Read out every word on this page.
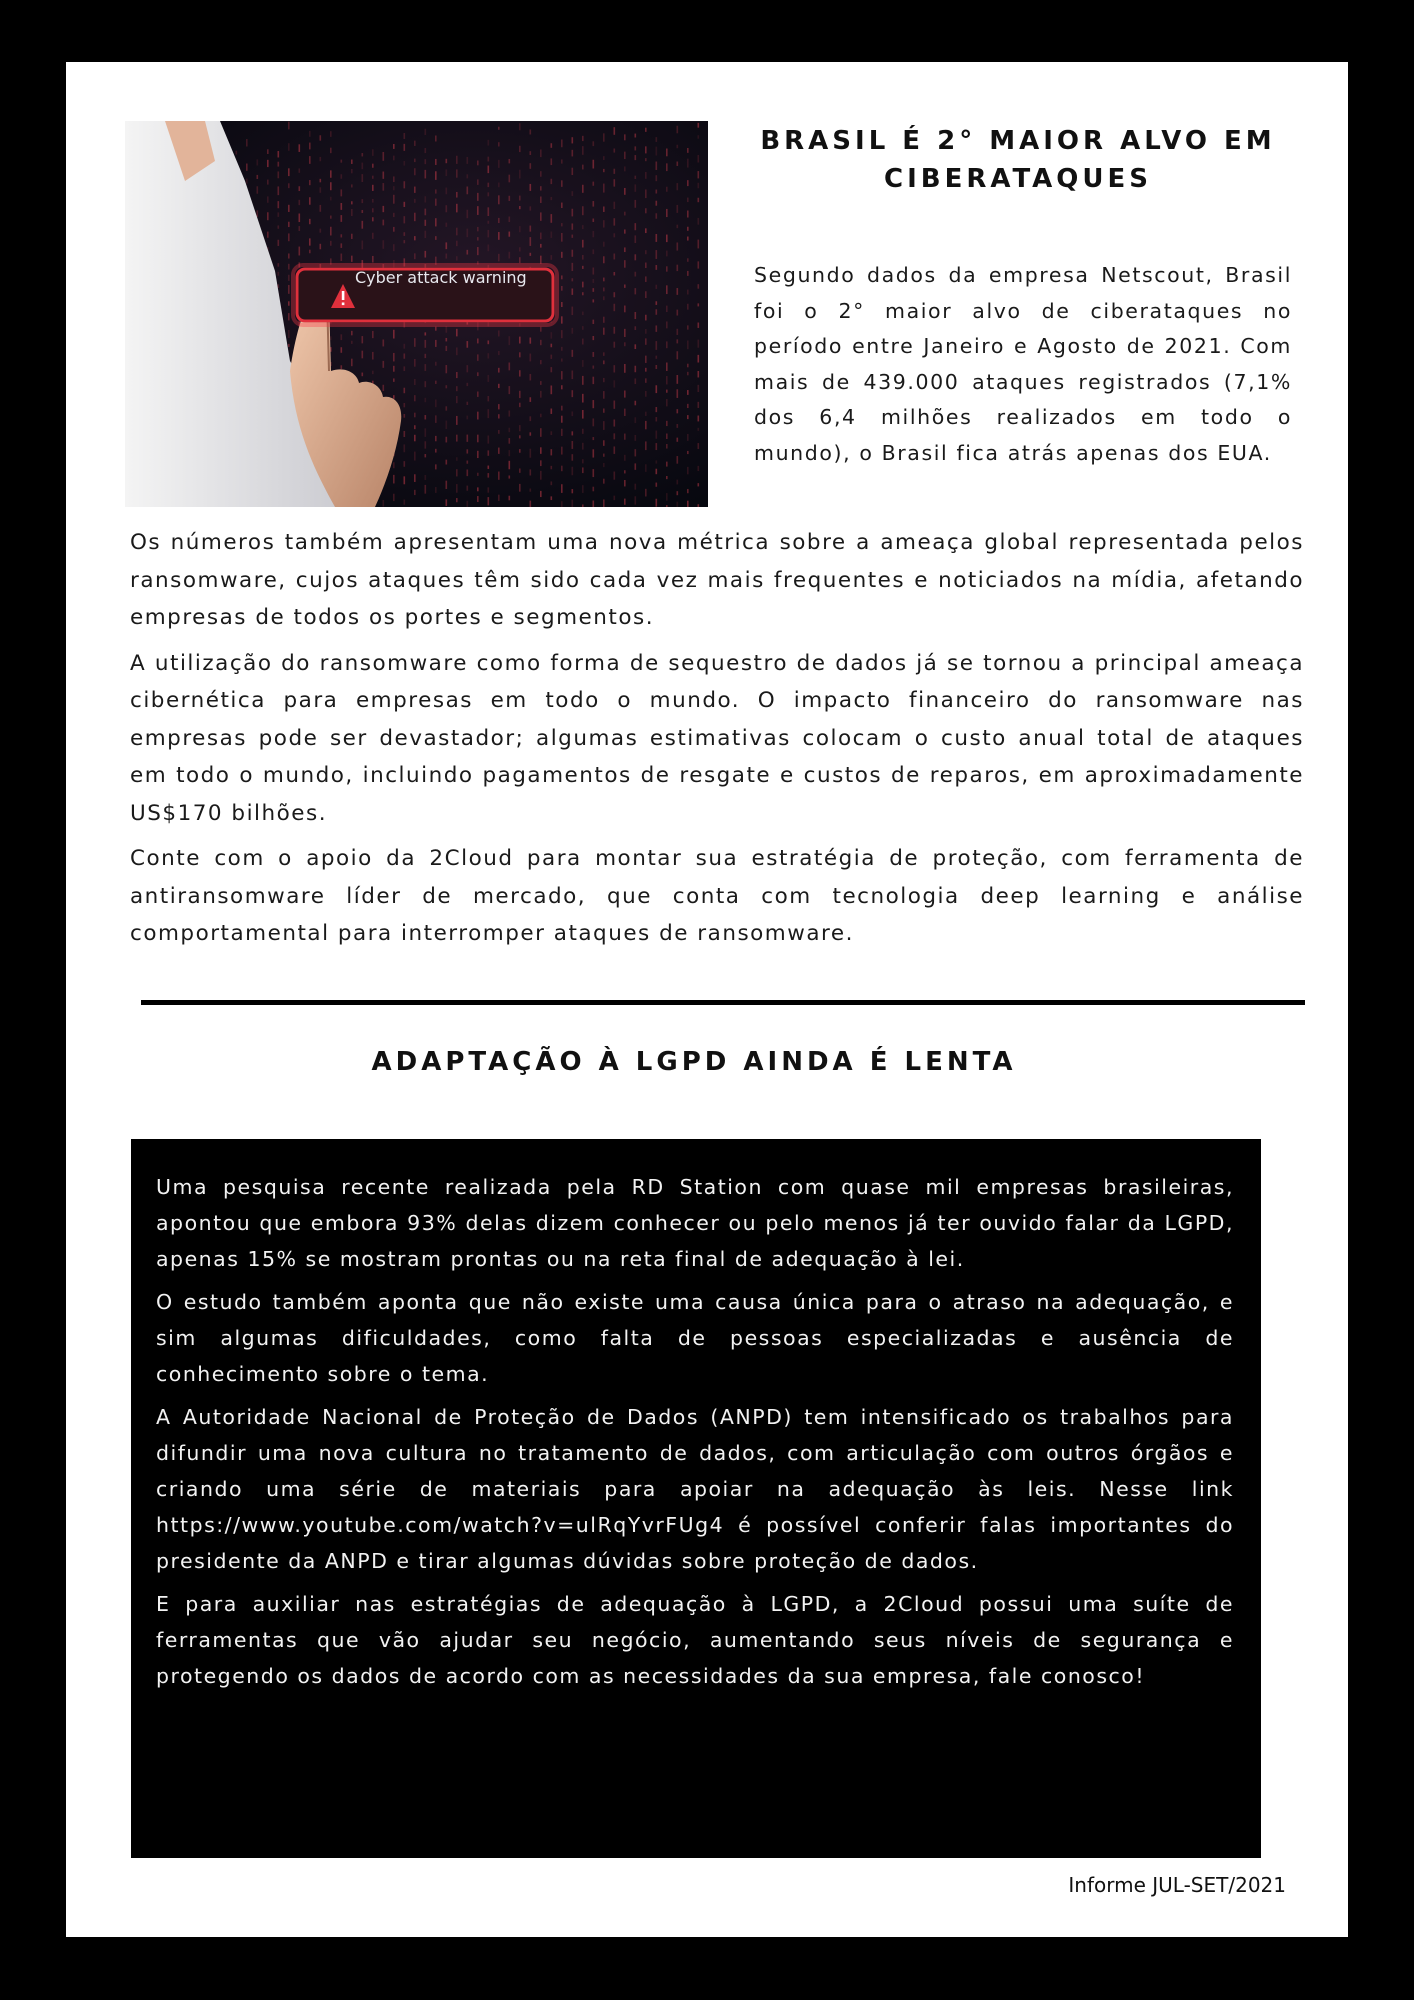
Cyber attack warning
BRASIL É 2° MAIOR ALVO EM CIBERATAQUES

Segundo dados da empresa Netscout, Brasil foi o 2° maior alvo de ciberataques no período entre Janeiro e Agosto de 2021. Com mais de 439.000 ataques registrados (7,1% dos 6,4 milhões realizados em todo o mundo), o Brasil fica atrás apenas dos EUA.

Os números também apresentam uma nova métrica sobre a ameaça global representada pelos ransomware, cujos ataques têm sido cada vez mais frequentes e noticiados na mídia, afetando empresas de todos os portes e segmentos.

A utilização do ransomware como forma de sequestro de dados já se tornou a principal ameaça cibernética para empresas em todo o mundo. O impacto financeiro do ransomware nas empresas pode ser devastador; algumas estimativas colocam o custo anual total de ataques em todo o mundo, incluindo pagamentos de resgate e custos de reparos, em aproximadamente US$170 bilhões.

Conte com o apoio da 2Cloud para montar sua estratégia de proteção, com ferramenta de antiransomware líder de mercado, que conta com tecnologia deep learning e análise comportamental para interromper ataques de ransomware.

ADAPTAÇÃO À LGPD AINDA É LENTA

Uma pesquisa recente realizada pela RD Station com quase mil empresas brasileiras, apontou que embora 93% delas dizem conhecer ou pelo menos já ter ouvido falar da LGPD, apenas 15% se mostram prontas ou na reta final de adequação à lei.

O estudo também aponta que não existe uma causa única para o atraso na adequação, e sim algumas dificuldades, como falta de pessoas especializadas e ausência de conhecimento sobre o tema.

A Autoridade Nacional de Proteção de Dados (ANPD) tem intensificado os trabalhos para difundir uma nova cultura no tratamento de dados, com articulação com outros órgãos e criando uma série de materiais para apoiar na adequação às leis. Nesse link https://www.youtube.com/watch?v=ulRqYvrFUg4 é possível conferir falas importantes do presidente da ANPD e tirar algumas dúvidas sobre proteção de dados.

E para auxiliar nas estratégias de adequação à LGPD, a 2Cloud possui uma suíte de ferramentas que vão ajudar seu negócio, aumentando seus níveis de segurança e protegendo os dados de acordo com as necessidades da sua empresa, fale conosco!

Informe JUL-SET/2021
